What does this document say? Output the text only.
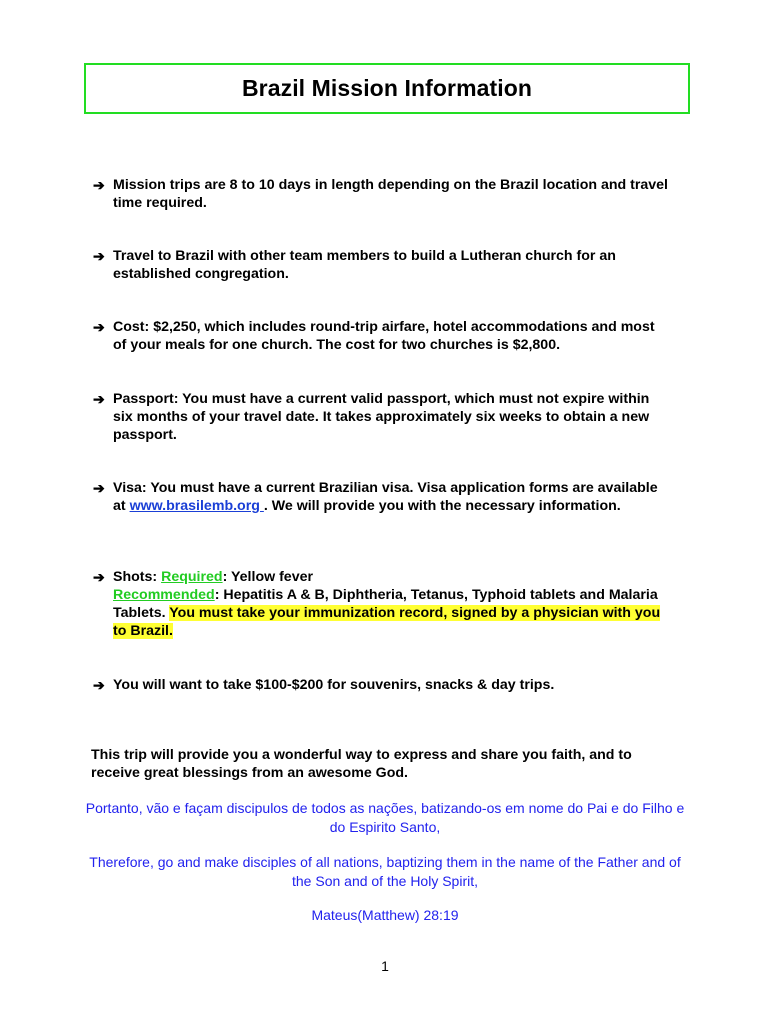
Brazil Mission Information
➔ Mission trips are 8 to 10 days in length depending on the Brazil location and travel time required.
➔ Travel to Brazil with other team members to build a Lutheran church for an established congregation.
➔ Cost: $2,250, which includes round-trip airfare, hotel accommodations and most of your meals for one church. The cost for two churches is $2,800.
➔ Passport: You must have a current valid passport, which must not expire within six months of your travel date. It takes approximately six weeks to obtain a new passport.
➔ Visa: You must have a current Brazilian visa. Visa application forms are available at www.brasilemb.org . We will provide you with the necessary information.
➔ Shots: Required: Yellow fever
Recommended: Hepatitis A & B, Diphtheria, Tetanus, Typhoid tablets and Malaria Tablets. You must take your immunization record, signed by a physician with you to Brazil.
➔ You will want to take $100-$200 for souvenirs, snacks & day trips.
This trip will provide you a wonderful way to express and share you faith, and to receive great blessings from an awesome God.
Portanto, vão e façam discipulos de todos as nações, batizando-os em nome do Pai e do Filho e do Espirito Santo,
Therefore, go and make disciples of all nations, baptizing them in the name of the Father and of the Son and of the Holy Spirit,
Mateus(Matthew) 28:19
1
